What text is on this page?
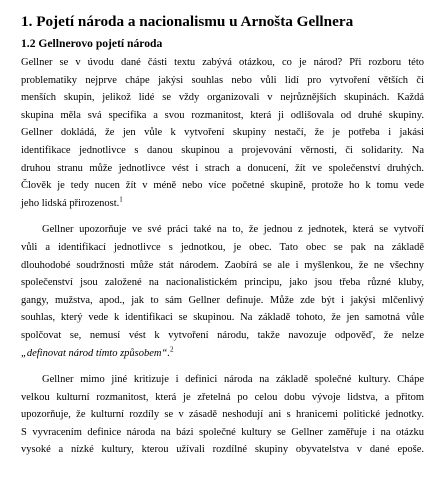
1. Pojetí národa a nacionalismu u Arnošta Gellnera
1.2 Gellnerovo pojetí národa
Gellner se v úvodu dané části textu zabývá otázkou, co je národ? Při rozboru této
problematiky nejprve chápe jakýsi souhlas nebo vůli lidí pro vytvoření větších či
menších skupin, jelikož lidé se vždy organizovali v nejrůznějších skupinách. Každá
skupina měla svá specifika a svou rozmanitost, která ji odlišovala od druhé skupiny.
Gellner dokládá, že jen vůle k vytvoření skupiny nestačí, že je potřeba i jakási
identifikace jednotlivce s danou skupinou a projevování věrnosti, či solidarity. Na
druhou stranu může jednotlivce vést i strach a donucení, žít ve společenství druhých.
Člověk je tedy nucen žít v méně nebo více početné skupině, protože ho k tomu vede
jeho lidská přirozenost.$^1$
Gellner upozorňuje ve své práci také na to, že jednou z jednotek, která se vytvoří
vůli a identifikací jednotlivce s jednotkou, je obec. Tato obec se pak na základě
dlouhodobé soudržnosti může stát národem. Zaobírá se ale i myšlenkou, že ne všechny
společenství jsou založené na nacionalistickém principu, jako jsou třeba různé kluby,
gangy, mužstva, apod., jak to sám Gellner definuje. Může zde být i jakýsi mlčenlivý
souhlas, který vede k identifikaci se skupinou. Na základě tohoto, že jen samotná vůle
spolčovat se, nemusí vést k vytvoření národu, takže navozuje odpověď, že nelze
„definovat národ tímto způsobem“.$^2$
Gellner mimo jiné kritizuje i definici národa na základě společné kultury. Chápe
velkou kulturní rozmanitost, která je zřetelná po celou dobu vývoje lidstva, a přitom
upozorňuje, že kulturní rozdíly se v zásadě neshodují ani s hranicemi politické jednotky.
S vyvracením definice národa na bázi společné kultury se Gellner zaměřuje i na otázku
vysoké a nízké kultury, kterou užívali rozdílné skupiny obyvatelstva v dané epoše.
